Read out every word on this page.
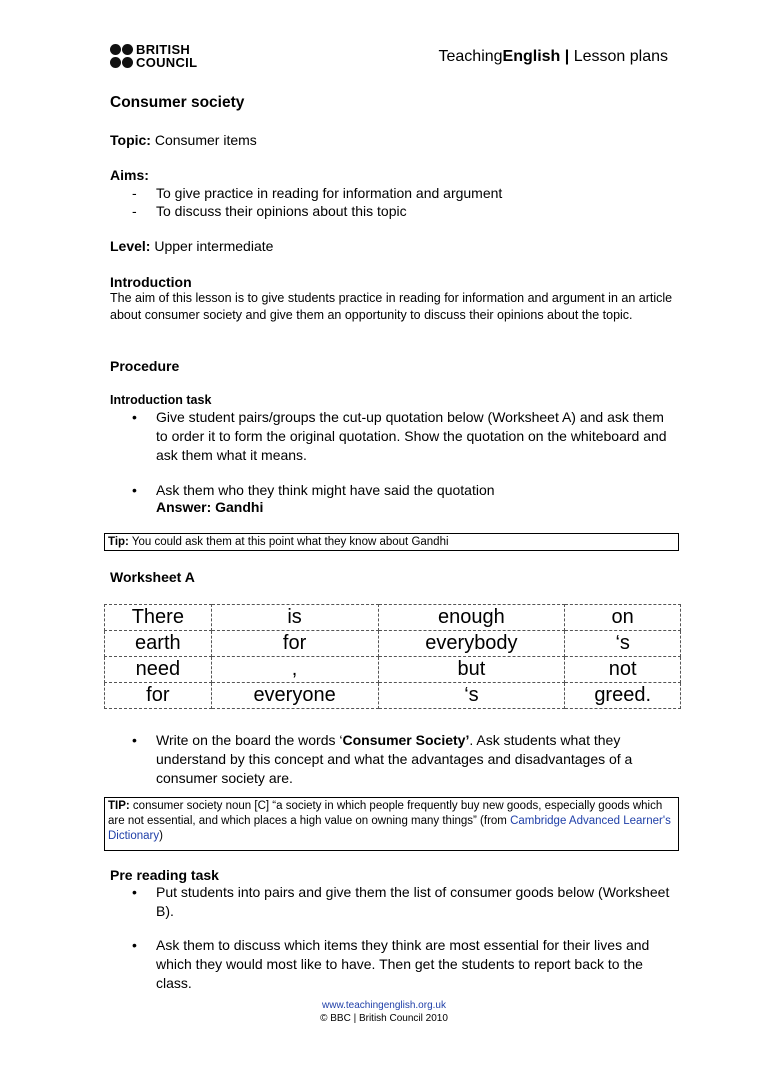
BRITISH
COUNCIL	TeachingEnglish | Lesson plans
Consumer society
Topic: Consumer items
Aims:
- To give practice in reading for information and argument
- To discuss their opinions about this topic
Level: Upper intermediate
Introduction
The aim of this lesson is to give students practice in reading for information and argument in an article about consumer society and give them an opportunity to discuss their opinions about the topic.
Procedure
Introduction task
• Give student pairs/groups the cut-up quotation below (Worksheet A) and ask them to order it to form the original quotation. Show the quotation on the whiteboard and ask them what it means.
• Ask them who they think might have said the quotation
Answer: Gandhi
Tip: You could ask them at this point what they know about Gandhi
Worksheet A
There	is	enough	on
earth	for	everybody	‘s
need	,	but	not
for	everyone	‘s	greed.
• Write on the board the words ‘Consumer Society’. Ask students what they understand by this concept and what the advantages and disadvantages of a consumer society are.
TIP: consumer society noun [C] “a society in which people frequently buy new goods, especially goods which are not essential, and which places a high value on owning many things” (from Cambridge Advanced Learner's Dictionary)
Pre reading task
• Put students into pairs and give them the list of consumer goods below (Worksheet B).
• Ask them to discuss which items they think are most essential for their lives and which they would most like to have. Then get the students to report back to the class.
www.teachingenglish.org.uk
© BBC | British Council 2010
